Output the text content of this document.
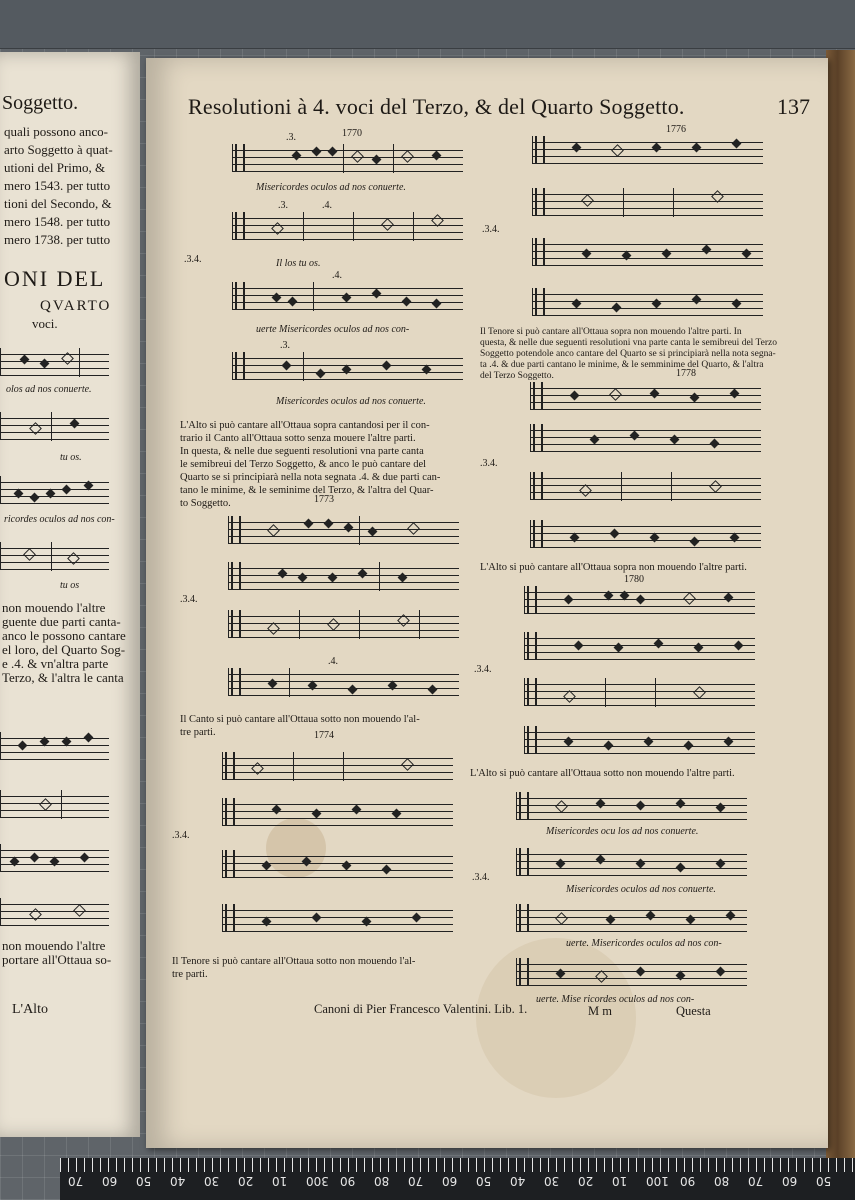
Soggetto.
quali possono anco-
arto Soggetto à quat-
utioni del Primo, &
mero 1543. per tutto
tioni del Secondo, &
mero 1548. per tutto
mero 1738. per tutto
ONI DEL
QVARTO
voci.
olos ad nos conuerte.
tu os.
ricordes oculos ad nos con-
tu os
non mouendo l'altre
guente due parti canta-
anco le possono cantare
el loro, del Quarto Sog-
e .4. & vn'altra parte
Terzo, & l'altra le canta
non mouendo l'altre
portare all'Ottaua so-
L'Alto
Resolutioni à 4. voci del Terzo, & del Quarto Soggetto.	137
1770
.3.
Misericordes oculos ad nos conuerte.
.3.	.4.
.3.4.	Il los tu os.
.4.
uerte Misericordes oculos ad nos con-
.3.
Misericordes oculos ad nos conuerte.
L'Alto si può cantare all'Ottaua sopra cantandosi per il con-
trario il Canto all'Ottaua sotto senza mouere l'altre parti.
In questa, & nelle due seguenti resolutioni vna parte canta
le semibreui del Terzo Soggetto, & anco le può cantare del
Quarto se si principiarà nella nota segnata .4. & due parti can-
tano le minime, & le seminime del Terzo, & l'altra del Quar-
to Soggetto.	1773
.3.4.
.4.
Il Canto si può cantare all'Ottaua sotto non mouendo l'al-
tre parti.	1774
.3.4.
Il Tenore si può cantare all'Ottaua sotto non mouendo l'al-
tre parti.
1776
.3.4.
Il Tenore si può cantare all'Ottaua sopra non mouendo l'altre parti. In
questa, & nelle due seguenti resolutioni vna parte canta le semibreui del Terzo
Soggetto potendole anco cantare del Quarto se si principiarà nella nota segna-
ta .4. & due parti cantano le minime, & le semminime del Quarto, & l'altra
del Terzo Soggetto.	1778
.3.4.
L'Alto si può cantare all'Ottaua sopra non mouendo l'altre parti.
1780
.3.4.
L'Alto si può cantare all'Ottaua sotto non mouendo l'altre parti.
Misericordes ocu los ad nos conuerte.
.3.4.
Misericordes oculos ad nos conuerte.
uerte. Misericordes oculos ad nos con-
uerte. Mise ricordes oculos ad nos con-
Canoni di Pier Francesco Valentini. Lib. 1.	M m	Questa
70 60 50 40 30 20 10 300 90 80 70 60 50 40 30 20 10 100 90 80 70 60 50
